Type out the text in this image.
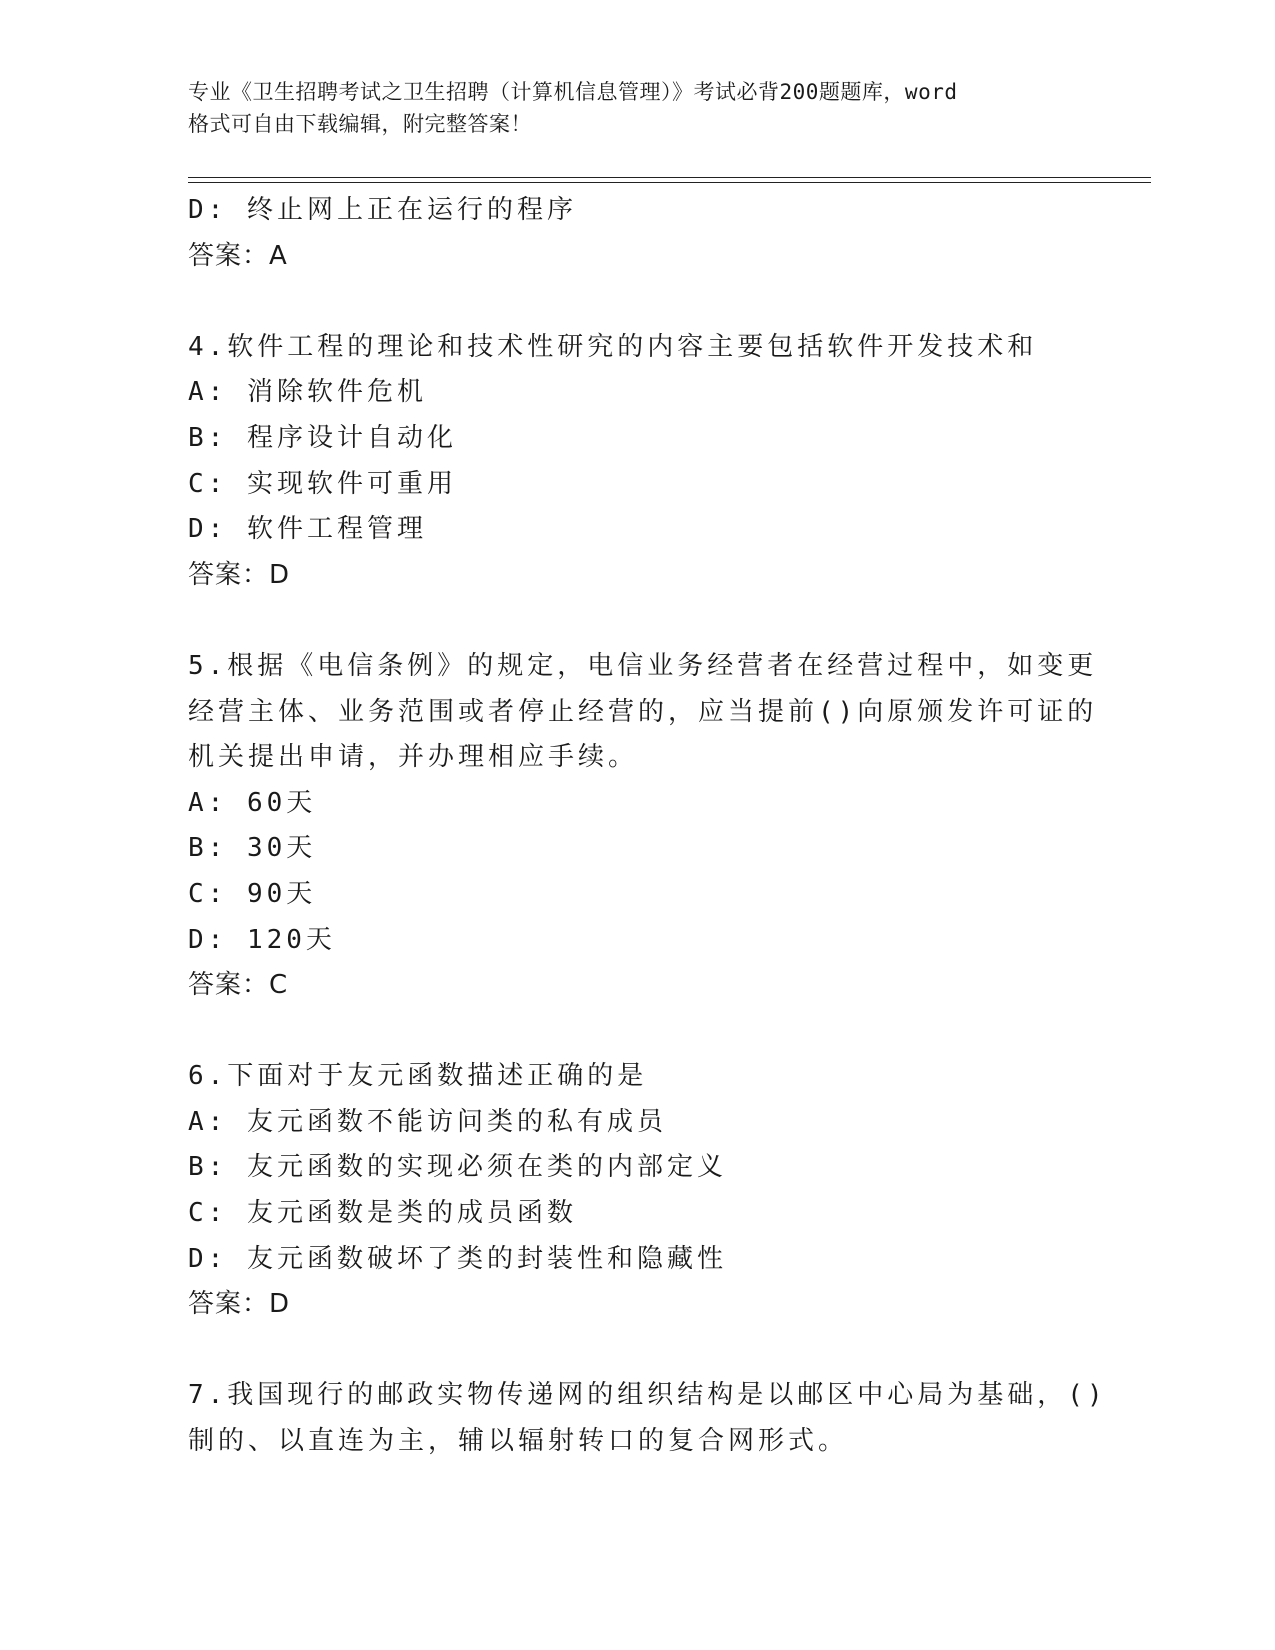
专业《卫生招聘考试之卫生招聘（计算机信息管理）》考试必背200题题库，word
格式可自由下载编辑，附完整答案！
D: 终止网上正在运行的程序
答案：A
4.软件工程的理论和技术性研究的内容主要包括软件开发技术和
A: 消除软件危机
B: 程序设计自动化
C: 实现软件可重用
D: 软件工程管理
答案：D
5.根据《电信条例》的规定，电信业务经营者在经营过程中，如变更
经营主体、业务范围或者停止经营的，应当提前()向原颁发许可证的
机关提出申请，并办理相应手续。
A: 60天
B: 30天
C: 90天
D: 120天
答案：C
6.下面对于友元函数描述正确的是
A: 友元函数不能访问类的私有成员
B: 友元函数的实现必须在类的内部定义
C: 友元函数是类的成员函数
D: 友元函数破坏了类的封装性和隐藏性
答案：D
7.我国现行的邮政实物传递网的组织结构是以邮区中心局为基础，()
制的、以直连为主，辅以辐射转口的复合网形式。
